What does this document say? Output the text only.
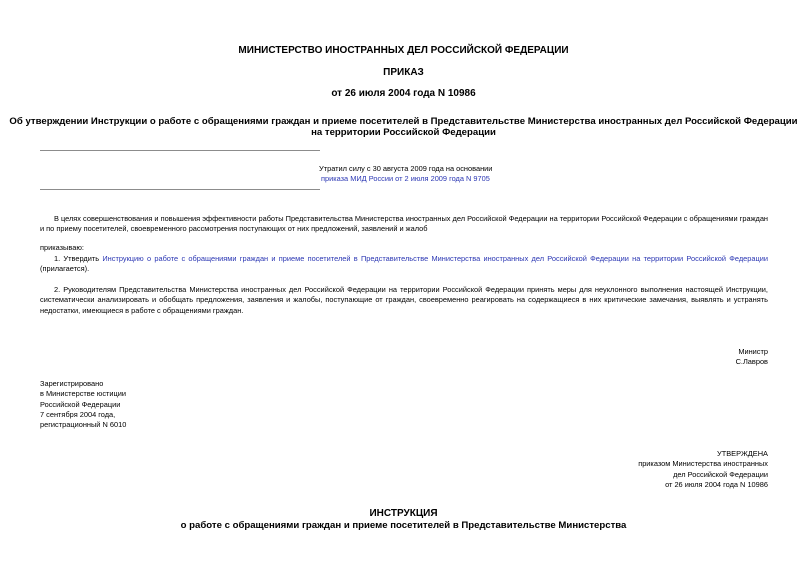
МИНИСТЕРСТВО ИНОСТРАННЫХ ДЕЛ РОССИЙСКОЙ ФЕДЕРАЦИИ
ПРИКАЗ
от 26 июля 2004 года N 10986
Об утверждении Инструкции о работе с обращениями граждан и приеме посетителей в Представительстве Министерства иностранных дел Российской Федерации
на территории Российской Федерации
Утратил силу с 30 августа 2009 года на основании
приказа МИД России от 2 июля 2009 года N 9705
В целях совершенствования и повышения эффективности работы Представительства Министерства иностранных дел Российской Федерации на территории Российской Федерации с обращениями граждан и по приему посетителей, своевременного рассмотрения поступающих от них предложений, заявлений и жалоб
приказываю:
1. Утвердить Инструкцию о работе с обращениями граждан и приеме посетителей в Представительстве Министерства иностранных дел Российской Федерации на территории Российской Федерации (прилагается).
2. Руководителям Представительства Министерства иностранных дел Российской Федерации на территории Российской Федерации принять меры для неуклонного выполнения настоящей Инструкции, систематически анализировать и обобщать предложения, заявления и жалобы, поступающие от граждан, своевременно реагировать на содержащиеся в них критические замечания, выявлять и устранять недостатки, имеющиеся в работе с обращениями граждан.
Министр
С.Лавров
Зарегистрировано
в Министерстве юстиции
Российской Федерации
7 сентября 2004 года,
регистрационный N 6010
УТВЕРЖДЕНА
приказом Министерства иностранных
дел Российской Федерации
от 26 июля 2004 года N 10986
ИНСТРУКЦИЯ
о работе с обращениями граждан и приеме посетителей в Представительстве Министерства
